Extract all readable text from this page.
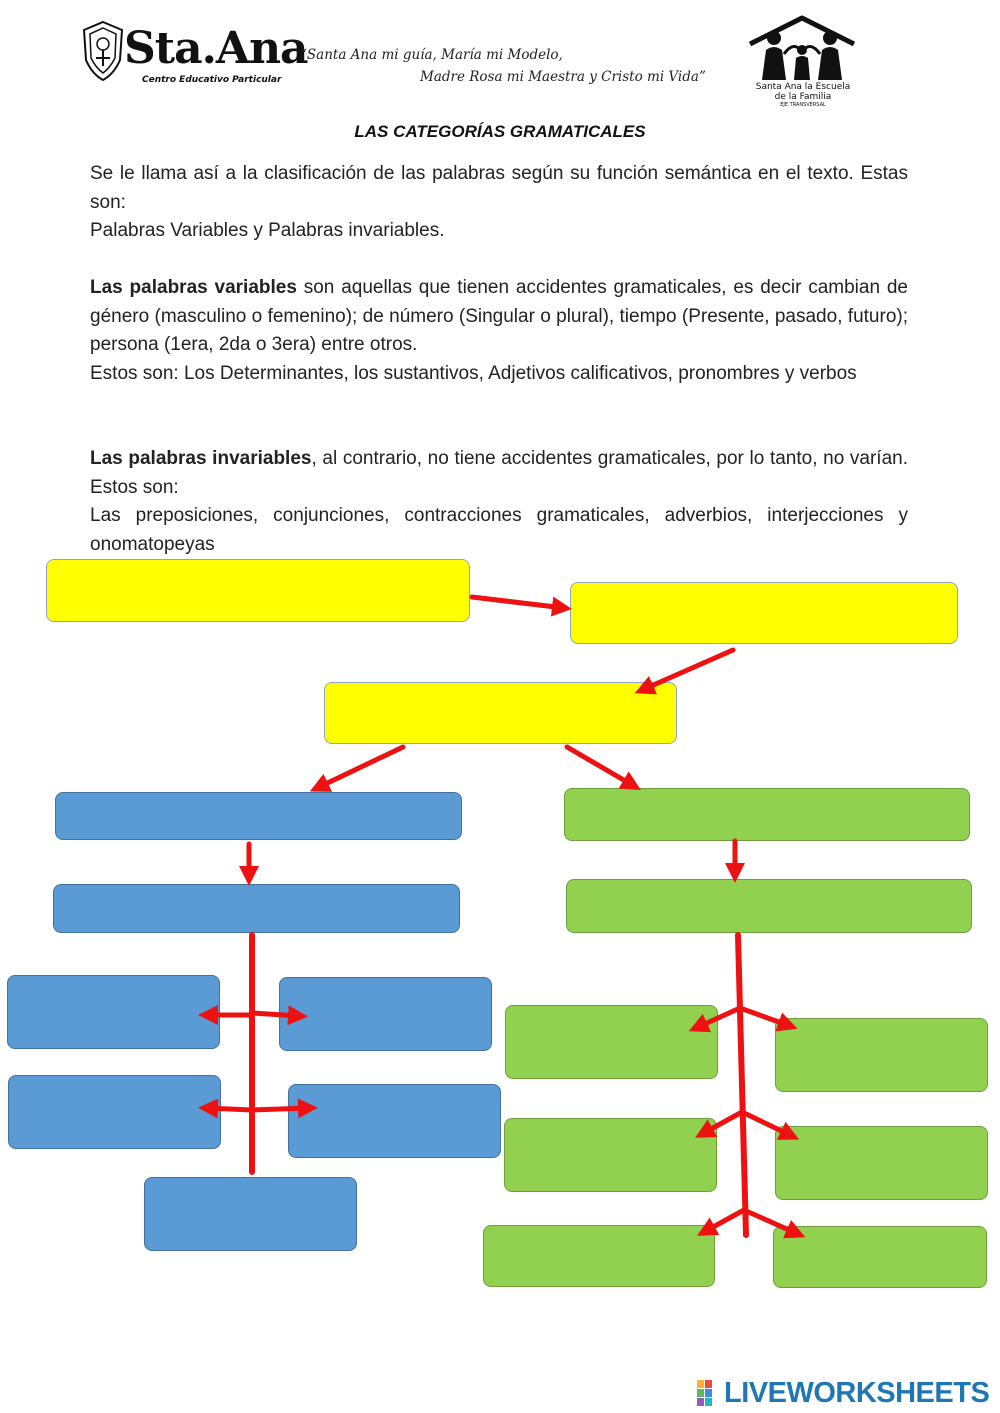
Sta.Ana
Centro Educativo Particular
“Santa Ana mi guía, María mi Modelo,
Madre Rosa mi Maestra y Cristo mi Vida”
Santa Ana la Escuela
de la Familia
EJE TRANSVERSAL
LAS CATEGORÍAS GRAMATICALES

Se le llama así a la clasificación de las palabras según su función semántica en el texto. Estas son:

Palabras Variables y Palabras invariables.

Las palabras variables son aquellas que tienen accidentes gramaticales, es decir cambian de género (masculino o femenino); de número (Singular o plural), tiempo (Presente, pasado, futuro); persona (1era, 2da o 3era) entre otros.

Estos son: Los Determinantes, los sustantivos, Adjetivos calificativos, pronombres y verbos

Las palabras invariables, al contrario, no tiene accidentes gramaticales, por lo tanto, no varían. Estos son:

Las preposiciones, conjunciones, contracciones gramaticales, adverbios, interjecciones y onomatopeyas

LIVEWORKSHEETS
